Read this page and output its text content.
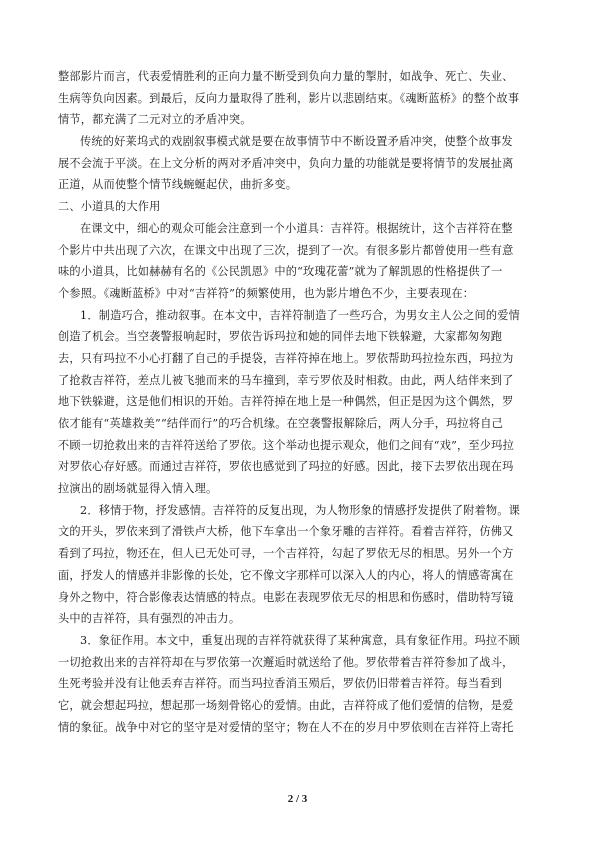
整部影片而言，代表爱情胜利的正向力量不断受到负向力量的掣肘，如战争、死亡、失业、
生病等负向因素。到最后，反向力量取得了胜利，影片以悲剧结束。《魂断蓝桥》的整个故事
情节，都充满了二元对立的矛盾冲突。
传统的好莱坞式的戏剧叙事模式就是要在故事情节中不断设置矛盾冲突，使整个故事发
展不会流于平淡。在上文分析的两对矛盾冲突中，负向力量的功能就是要将情节的发展扯离
正道，从而使整个情节线蜿蜒起伏，曲折多变。
二、小道具的大作用
在课文中，细心的观众可能会注意到一个小道具：吉祥符。根据统计，这个吉祥符在整
个影片中共出现了六次，在课文中出现了三次，提到了一次。有很多影片都曾使用一些有意
味的小道具，比如赫赫有名的《公民凯恩》中的“玫瑰花蕾”就为了解凯恩的性格提供了一
个参照。《魂断蓝桥》中对“吉祥符”的频繁使用，也为影片增色不少，主要表现在：
1．制造巧合，推动叙事。在本文中，吉祥符制造了一些巧合，为男女主人公之间的爱情
创造了机会。当空袭警报响起时，罗依告诉玛拉和她的同伴去地下铁躲避，大家都匆匆跑
去，只有玛拉不小心打翻了自己的手提袋，吉祥符掉在地上。罗依帮助玛拉捡东西，玛拉为
了抢救吉祥符，差点儿被飞驰而来的马车撞到，幸亏罗依及时相救。由此，两人结伴来到了
地下铁躲避，这是他们相识的开始。吉祥符掉在地上是一种偶然，但正是因为这个偶然，罗
依才能有“英雄救美”“结伴而行”的巧合机缘。在空袭警报解除后，两人分手，玛拉将自己
不顾一切抢救出来的吉祥符送给了罗依。这个举动也提示观众，他们之间有“戏”，至少玛拉
对罗依心存好感。而通过吉祥符，罗依也感觉到了玛拉的好感。因此，接下去罗依出现在玛
拉演出的剧场就显得入情入理。
2．移情于物，抒发感情。吉祥符的反复出现，为人物形象的情感抒发提供了附着物。课
文的开头，罗依来到了滑铁卢大桥，他下车拿出一个象牙雕的吉祥符。看着吉祥符，仿佛又
看到了玛拉，物还在，但人已无处可寻，一个吉祥符，勾起了罗依无尽的相思。另外一个方
面，抒发人的情感并非影像的长处，它不像文字那样可以深入人的内心，将人的情感寄寓在
身外之物中，符合影像表达情感的特点。电影在表现罗依无尽的相思和伤感时，借助特写镜
头中的吉祥符，具有强烈的冲击力。
3．象征作用。本文中，重复出现的吉祥符就获得了某种寓意，具有象征作用。玛拉不顾
一切抢救出来的吉祥符却在与罗依第一次邂逅时就送给了他。罗依带着吉祥符参加了战斗，
生死考验并没有让他丢弃吉祥符。而当玛拉香消玉殒后，罗依仍旧带着吉祥符。每当看到
它，就会想起玛拉，想起那一场刻骨铭心的爱情。由此，吉祥符成了他们爱情的信物，是爱
情的象征。战争中对它的坚守是对爱情的坚守；物在人不在的岁月中罗依则在吉祥符上寄托
2 / 3
